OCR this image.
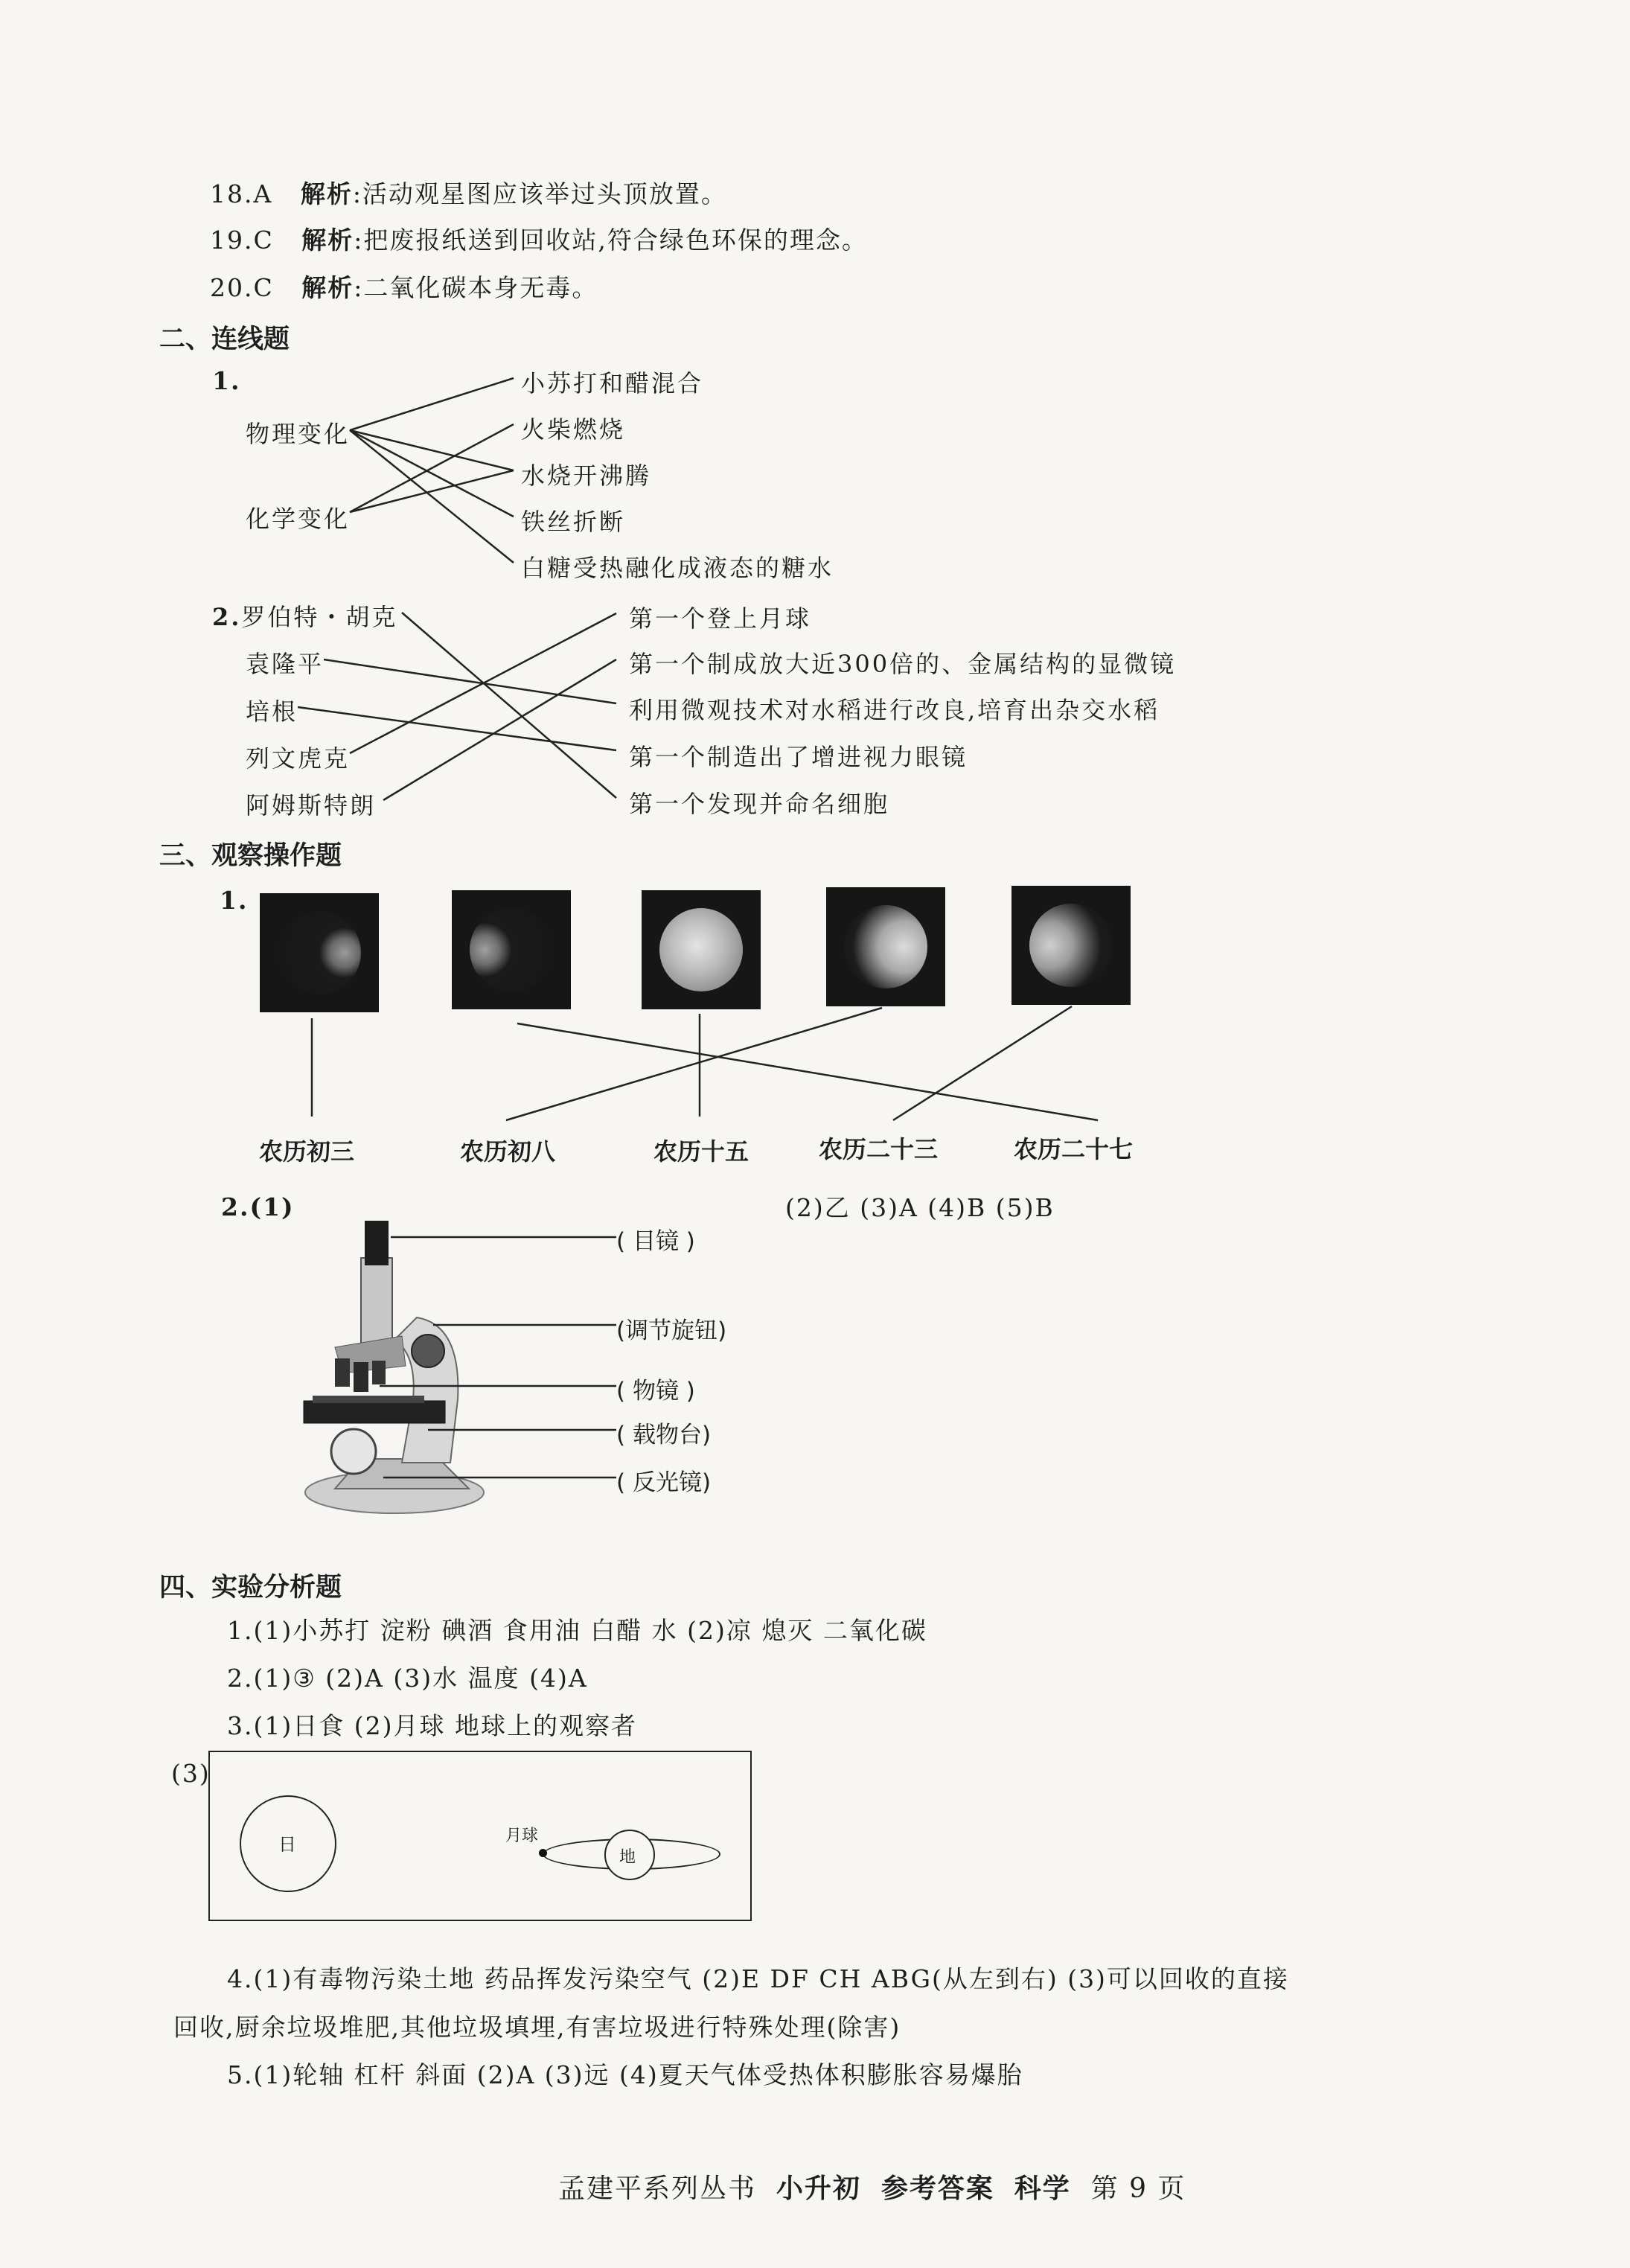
18.A 解析:活动观星图应该举过头顶放置。
19.C 解析:把废报纸送到回收站,符合绿色环保的理念。
20.C 解析:二氧化碳本身无毒。
二、连线题
1.
物理变化
化学变化
小苏打和醋混合
火柴燃烧
水烧开沸腾
铁丝折断
白糖受热融化成液态的糖水
2.罗伯特・胡克
袁隆平
培根
列文虎克
阿姆斯特朗
第一个登上月球
第一个制成放大近300倍的、金属结构的显微镜
利用微观技术对水稻进行改良,培育出杂交水稻
第一个制造出了增进视力眼镜
第一个发现并命名细胞
三、观察操作题
1.
农历初三	农历初八	农历十五	农历二十三	农历二十七
2.(1)	(2)乙 (3)A (4)B (5)B
( 目镜 )
(调节旋钮)
( 物镜 )
( 载物台)
( 反光镜)
四、实验分析题
1.(1)小苏打 淀粉 碘酒 食用油 白醋 水 (2)凉 熄灭 二氧化碳
2.(1)③ (2)A (3)水 温度 (4)A
3.(1)日食 (2)月球 地球上的观察者
(3)
日	月球
地
4.(1)有毒物污染土地 药品挥发污染空气 (2)E DF CH ABG(从左到右) (3)可以回收的直接
回收,厨余垃圾堆肥,其他垃圾填埋,有害垃圾进行特殊处理(除害)
5.(1)轮轴 杠杆 斜面 (2)A (3)远 (4)夏天气体受热体积膨胀容易爆胎
孟建平系列丛书 小升初 参考答案 科学 第 9 页
